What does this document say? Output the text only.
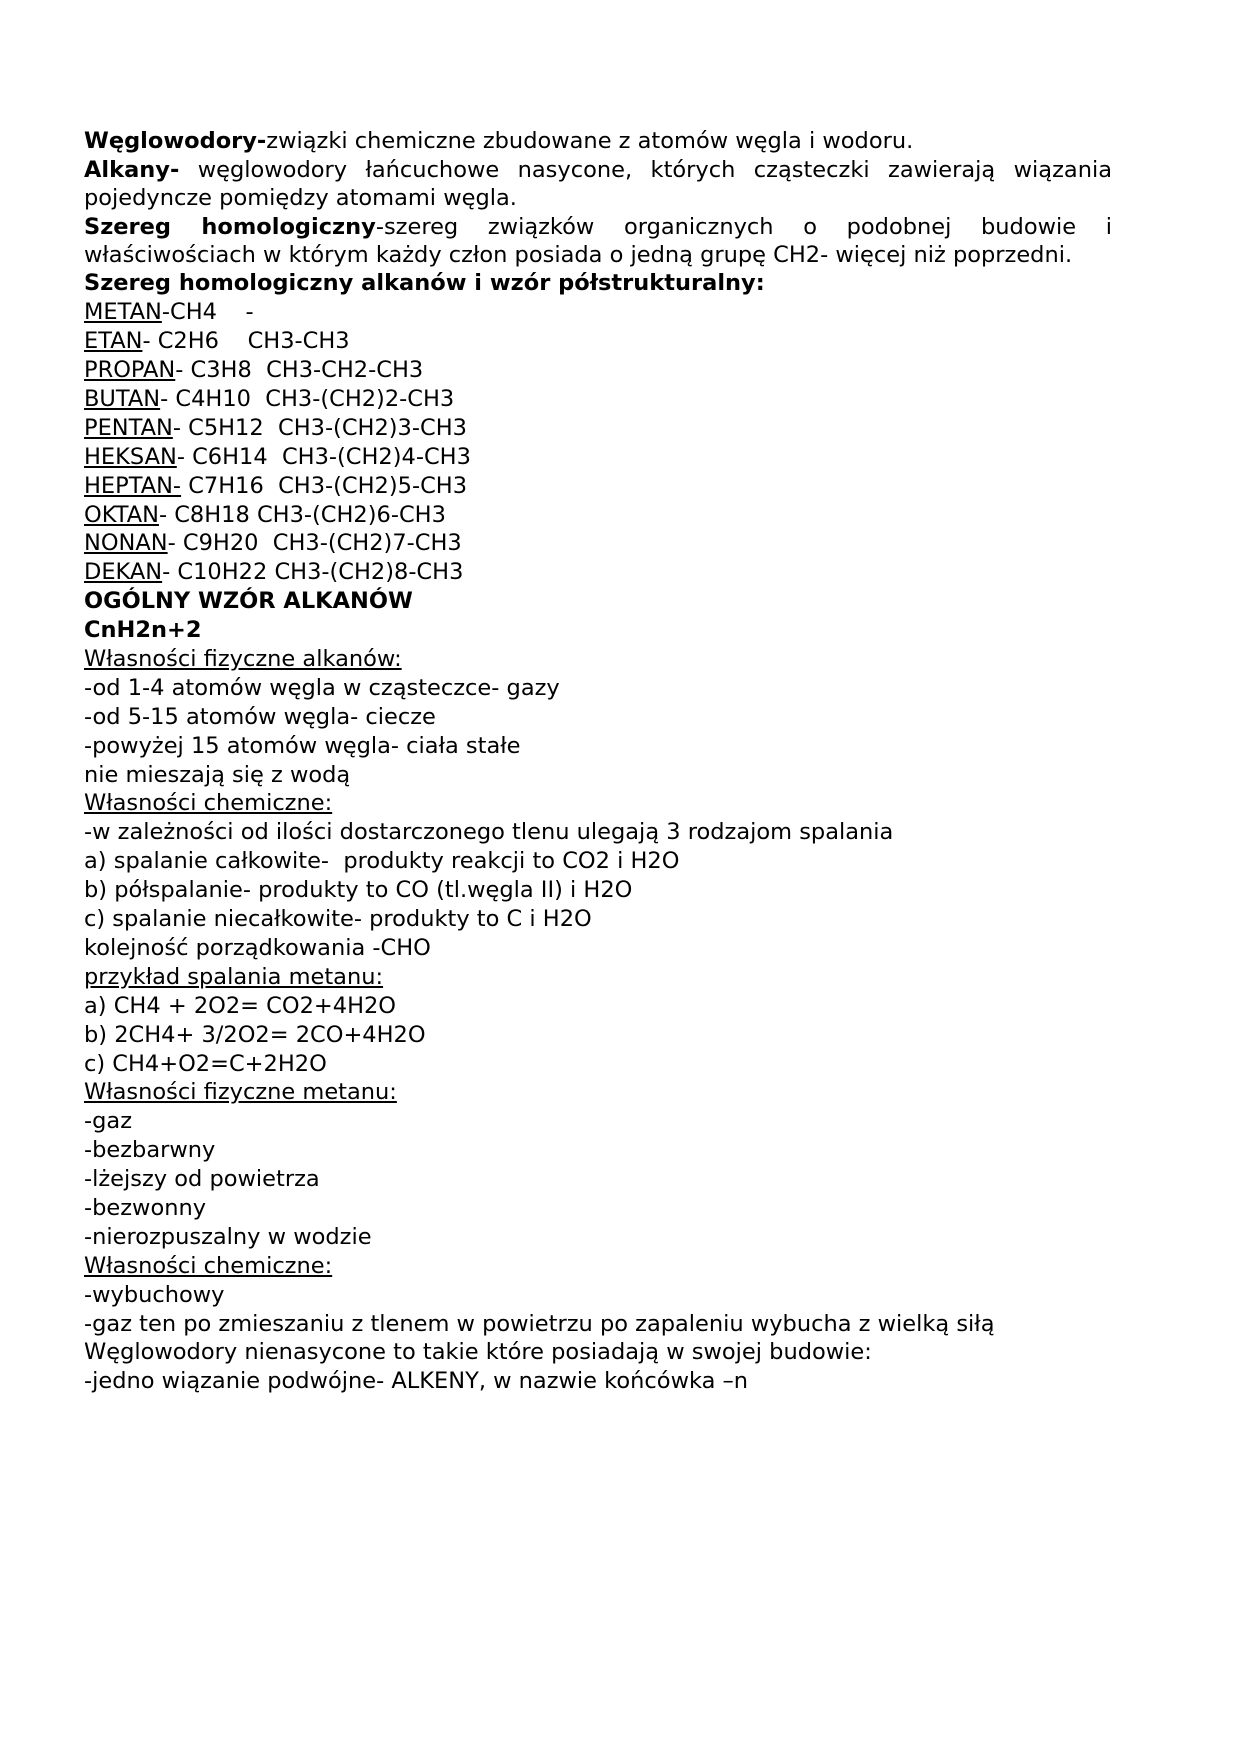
Węglowodory-związki chemiczne zbudowane z atomów węgla i wodoru.

Alkany- węglowodory łańcuchowe nasycone, których cząsteczki zawierają wiązania pojedyncze pomiędzy atomami węgla.

Szereg homologiczny-szereg związków organicznych o podobnej budowie i właściwościach w którym każdy człon posiada o jedną grupę CH2- więcej niż poprzedni.

Szereg homologiczny alkanów i wzór półstrukturalny:

METAN-CH4    -

ETAN- C2H6    CH3-CH3

PROPAN- C3H8  CH3-CH2-CH3

BUTAN- C4H10  CH3-(CH2)2-CH3

PENTAN- C5H12  CH3-(CH2)3-CH3

HEKSAN- C6H14  CH3-(CH2)4-CH3

HEPTAN- C7H16  CH3-(CH2)5-CH3

OKTAN- C8H18 CH3-(CH2)6-CH3

NONAN- C9H20  CH3-(CH2)7-CH3

DEKAN- C10H22 CH3-(CH2)8-CH3

OGÓLNY WZÓR ALKANÓW

CnH2n+2

Własności fizyczne alkanów:

-od 1-4 atomów węgla w cząsteczce- gazy

-od 5-15 atomów węgla- ciecze

-powyżej 15 atomów węgla- ciała stałe

nie mieszają się z wodą

Własności chemiczne:

-w zależności od ilości dostarczonego tlenu ulegają 3 rodzajom spalania

a) spalanie całkowite-  produkty reakcji to CO2 i H2O

b) półspalanie- produkty to CO (tl.węgla II) i H2O

c) spalanie niecałkowite- produkty to C i H2O

kolejność porządkowania -CHO

przykład spalania metanu:

a) CH4 + 2O2= CO2+4H2O

b) 2CH4+ 3/2O2= 2CO+4H2O

c) CH4+O2=C+2H2O

Własności fizyczne metanu:

-gaz

-bezbarwny

-lżejszy od powietrza

-bezwonny

-nierozpuszalny w wodzie

Własności chemiczne:

-wybuchowy

-gaz ten po zmieszaniu z tlenem w powietrzu po zapaleniu wybucha z wielką siłą

Węglowodory nienasycone to takie które posiadają w swojej budowie:

-jedno wiązanie podwójne- ALKENY, w nazwie końcówka –n
